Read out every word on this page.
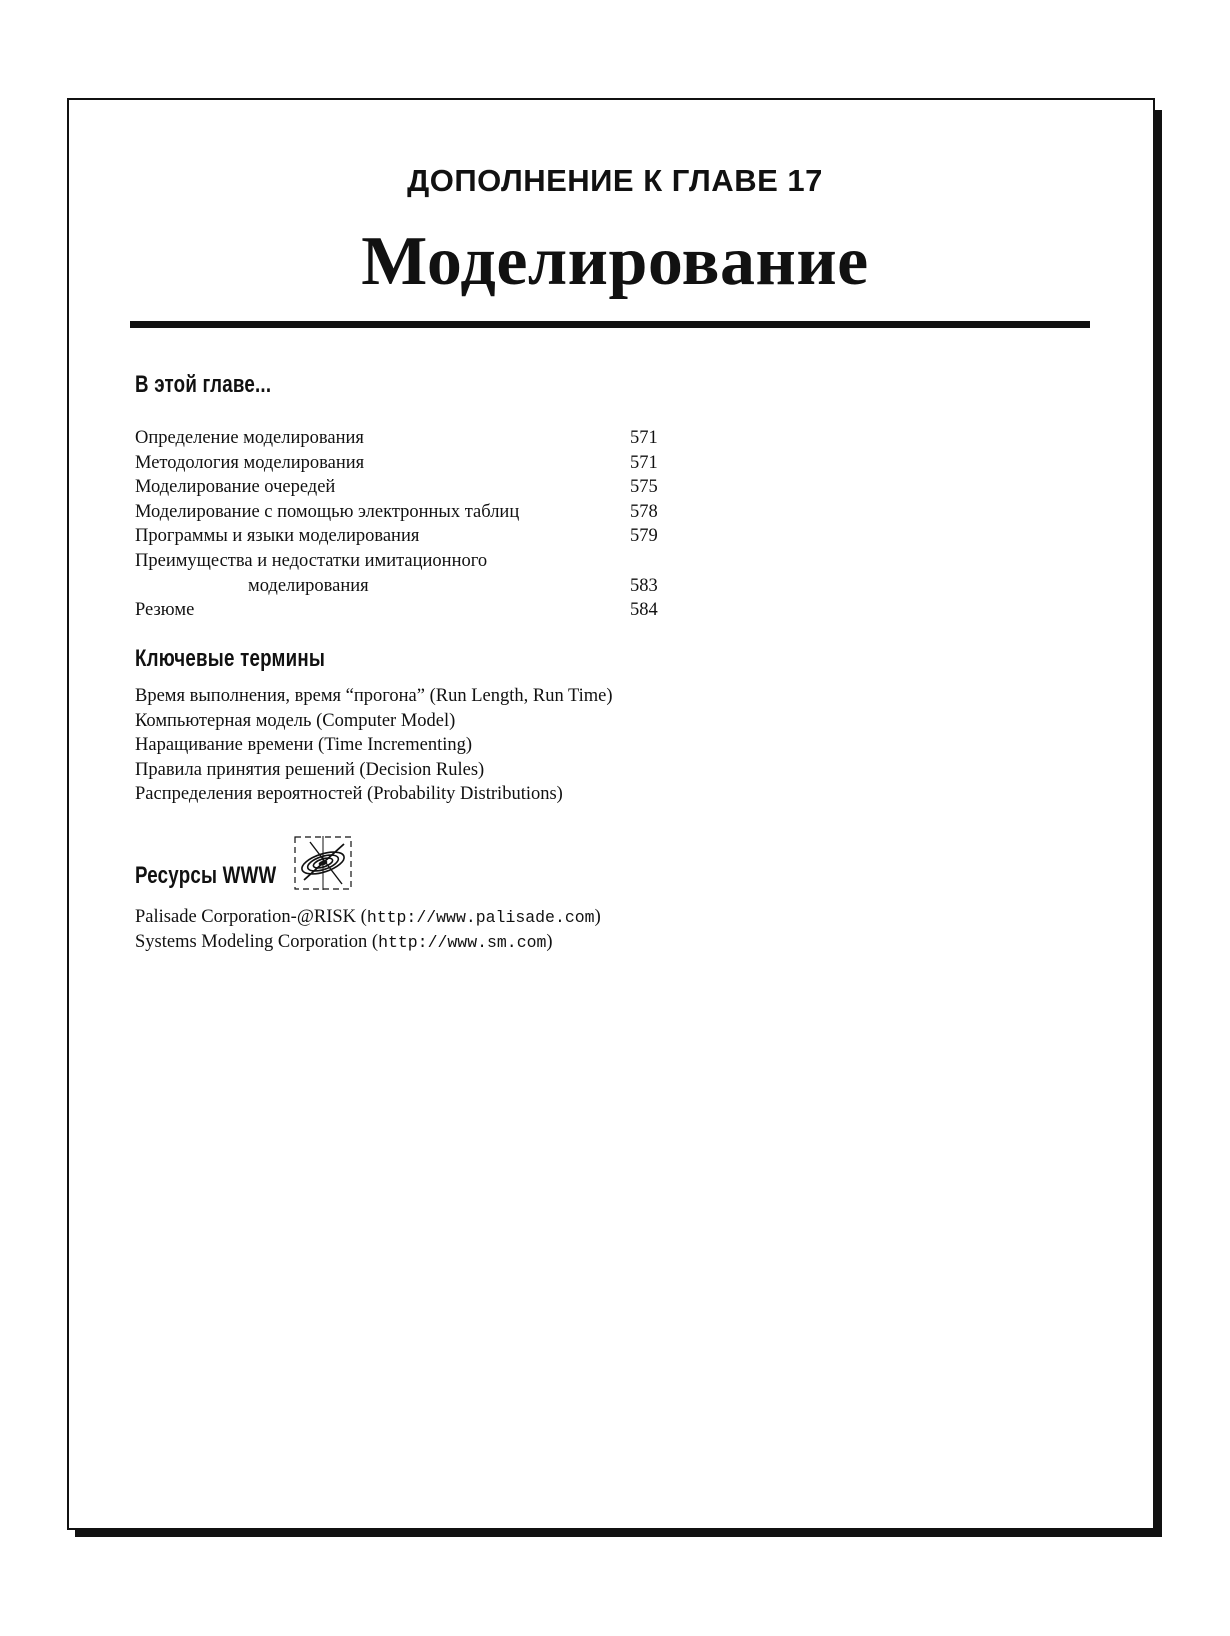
ДОПОЛНЕНИЕ К ГЛАВЕ 17
Моделирование
В этой главе...
Определение моделирования	571
Методология моделирования	571
Моделирование очередей	575
Моделирование с помощью электронных таблиц	578
Программы и языки моделирования	579
Преимущества и недостатки имитационного
моделирования	583
Резюме	584
Ключевые термины
Время выполнения, время “прогона” (Run Length, Run Time)
Компьютерная модель (Computer Model)
Наращивание времени (Time Incrementing)
Правила принятия решений (Decision Rules)
Распределения вероятностей (Probability Distributions)
Ресурсы WWW
Palisade Corporation-@RISK (http://www.palisade.com)
Systems Modeling Corporation (http://www.sm.com)
